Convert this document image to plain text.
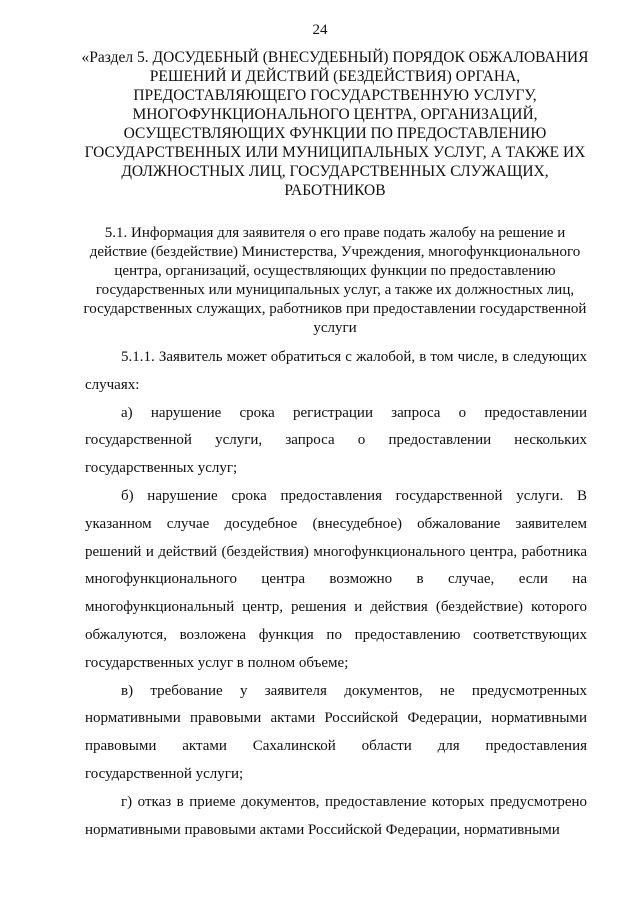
24
«Раздел 5. ДОСУДЕБНЫЙ (ВНЕСУДЕБНЫЙ) ПОРЯДОК ОБЖАЛОВАНИЯ РЕШЕНИЙ И ДЕЙСТВИЙ (БЕЗДЕЙСТВИЯ) ОРГАНА, ПРЕДОСТАВЛЯЮЩЕГО ГОСУДАРСТВЕННУЮ УСЛУГУ, МНОГОФУНКЦИОНАЛЬНОГО ЦЕНТРА, ОРГАНИЗАЦИЙ, ОСУЩЕСТВЛЯЮЩИХ ФУНКЦИИ ПО ПРЕДОСТАВЛЕНИЮ ГОСУДАРСТВЕННЫХ ИЛИ МУНИЦИПАЛЬНЫХ УСЛУГ, А ТАКЖЕ ИХ ДОЛЖНОСТНЫХ ЛИЦ, ГОСУДАРСТВЕННЫХ СЛУЖАЩИХ, РАБОТНИКОВ
5.1. Информация для заявителя о его праве подать жалобу на решение и действие (бездействие) Министерства, Учреждения, многофункционального центра, организаций, осуществляющих функции по предоставлению государственных или муниципальных услуг, а также их должностных лиц, государственных служащих, работников при предоставлении государственной услуги

5.1.1. Заявитель может обратиться с жалобой, в том числе, в следующих случаях:

а) нарушение срока регистрации запроса о предоставлении государственной услуги, запроса о предоставлении нескольких государственных услуг;

б) нарушение срока предоставления государственной услуги. В указанном случае досудебное (внесудебное) обжалование заявителем решений и действий (бездействия) многофункционального центра, работника многофункционального центра возможно в случае, если на многофункциональный центр, решения и действия (бездействие) которого обжалуются, возложена функция по предоставлению соответствующих государственных услуг в полном объеме;

в) требование у заявителя документов, не предусмотренных нормативными правовыми актами Российской Федерации, нормативными правовыми актами Сахалинской области для предоставления государственной услуги;

г) отказ в приеме документов, предоставление которых предусмотрено нормативными правовыми актами Российской Федерации, нормативными
